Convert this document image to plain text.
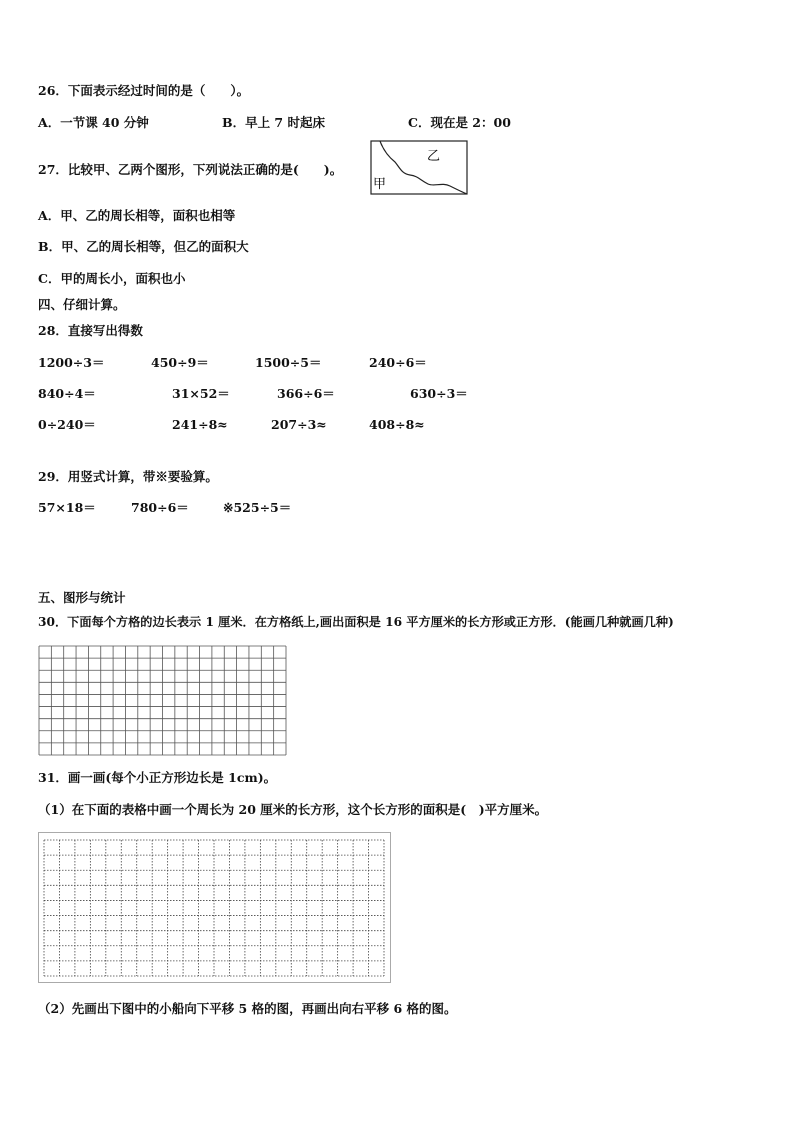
26．下面表示经过时间的是（　　）。
A．一节课 40 分钟	B．早上 7 时起床	C．现在是 2：00
27．比较甲、乙两个图形，下列说法正确的是(　　)。
乙
甲
A．甲、乙的周长相等，面积也相等
B．甲、乙的周长相等，但乙的面积大
C．甲的周长小，面积也小
四、仔细计算。
28．直接写出得数
1200÷3＝	450÷9＝	1500÷5＝	240÷6＝
840÷4＝	31×52＝	366÷6＝	630÷3＝
0÷240＝	241÷8≈	207÷3≈	408÷8≈
29．用竖式计算，带※要验算。
57×18＝	780÷6＝	※525÷5＝
五、图形与统计
30．下面每个方格的边长表示 1 厘米．在方格纸上,画出面积是 16 平方厘米的长方形或正方形．(能画几种就画几种)
31．画一画(每个小正方形边长是 1cm)。
（1）在下面的表格中画一个周长为 20 厘米的长方形，这个长方形的面积是(　)平方厘米。
（2）先画出下图中的小船向下平移 5 格的图，再画出向右平移 6 格的图。
